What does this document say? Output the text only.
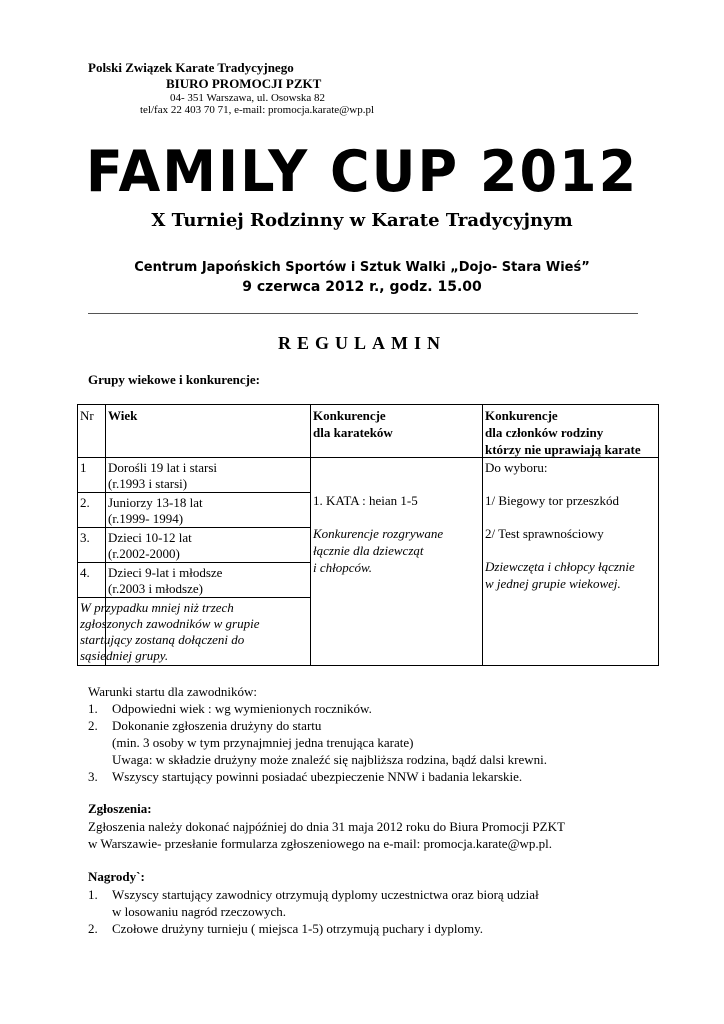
Polski Związek Karate Tradycyjnego
BIURO PROMOCJI PZKT
04- 351 Warszawa, ul. Osowska 82
tel/fax 22 403 70 71, e-mail: promocja.karate@wp.pl
FAMILY CUP 2012
X Turniej Rodzinny w Karate Tradycyjnym
Centrum Japońskich Sportów i Sztuk Walki „Dojo- Stara Wieś”
9 czerwca 2012 r., godz. 15.00
REGULAMIN
Grupy wiekowe i konkurencje:
Nr Wiek	Konkurencje
dla karateków
Konkurencje
dla członków rodziny
którzy nie uprawiają karate
1 Dorośli 19 lat i starsi
(r.1993 i starsi)
2. Juniorzy 13-18 lat
(r.1999- 1994)
3. Dzieci 10-12 lat
(r.2002-2000)
4. Dzieci 9-lat i młodsze
(r.2003 i młodsze)
W przypadku mniej niż trzech
zgłoszonych zawodników w grupie
startujący zostaną dołączeni do
sąsiedniej grupy.
1. KATA : heian 1-5
Konkurencje rozgrywane
łącznie dla dziewcząt
i chłopców.
Do wyboru:
1/ Biegowy tor przeszkód
2/ Test sprawnościowy
Dziewczęta i chłopcy łącznie
w jednej grupie wiekowej.
Warunki startu dla zawodników:
1. Odpowiedni wiek : wg wymienionych roczników.
2. Dokonanie zgłoszenia drużyny do startu
(min. 3 osoby w tym przynajmniej jedna trenująca karate)
Uwaga: w składzie drużyny może znaleźć się najbliższa rodzina, bądź dalsi krewni.
3. Wszyscy startujący powinni posiadać ubezpieczenie NNW i badania lekarskie.
Zgłoszenia:
Zgłoszenia należy dokonać najpóźniej do dnia 31 maja 2012 roku do Biura Promocji PZKT
w Warszawie- przesłanie formularza zgłoszeniowego na e-mail: promocja.karate@wp.pl.
Nagrody`:
1. Wszyscy startujący zawodnicy otrzymują dyplomy uczestnictwa oraz biorą udział
w losowaniu nagród rzeczowych.
2. Czołowe drużyny turnieju ( miejsca 1-5) otrzymują puchary i dyplomy.
